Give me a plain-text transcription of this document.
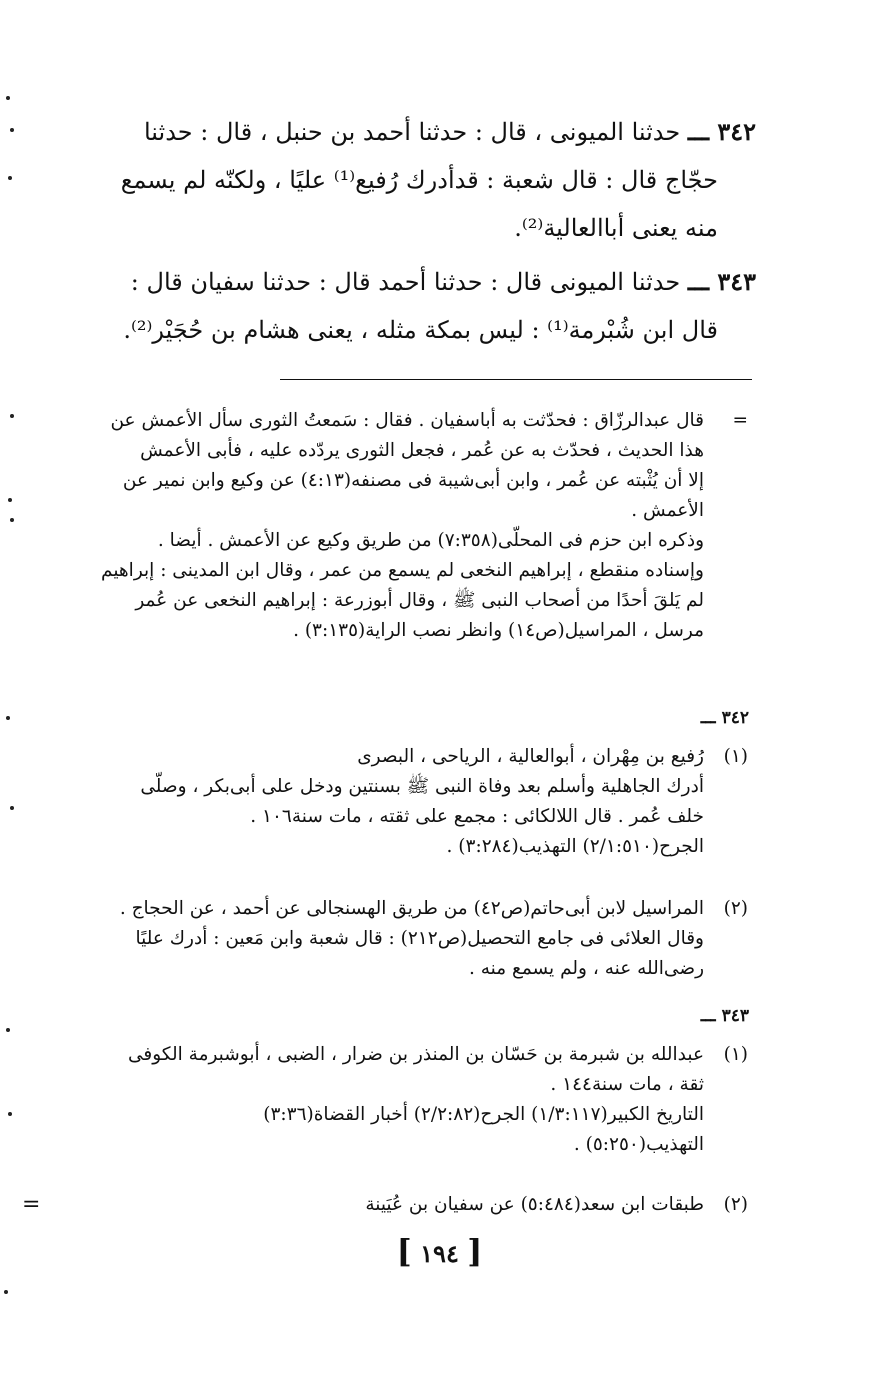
٣٤٢ ـــ حدثنا الميونى ، قال : حدثنا أحمد بن حنبل ، قال : حدثنا
حجّاج قال : قال شعبة : قدأدرك رُفيع⁽¹⁾ عليًا ، ولكنّه لم يسمع
منه يعنى أباالعالية⁽²⁾.
٣٤٣ ـــ حدثنا الميونى قال : حدثنا أحمد قال : حدثنا سفيان قال :
قال ابن شُبْرمة⁽¹⁾ : ليس بمكة مثله ، يعنى هشام بن حُجَيْر⁽²⁾.
=
قال عبدالرزّاق : فحدّثت به أباسفيان . فقال : سَمعتُ الثورى سأل الأعمش عن
هذا الحديث ، فحدّث به عن عُمر ، فجعل الثورى يردّده عليه ، فأبى الأعمش
إلا أن يُثْبته عن عُمر ، وابن أبى‌شيبة فى مصنفه(٤:١٣) عن وكيع وابن نمير عن
الأعمش .
وذكره ابن حزم فى المحلّى(٧:٣٥٨) من طريق وكيع عن الأعمش . أيضا .
وإسناده منقطع ، إبراهيم النخعى لم يسمع من عمر ، وقال ابن المدينى : إبراهيم
لم يَلقَ أحدًا من أصحاب النبى ﷺ ، وقال أبوزرعة : إبراهيم النخعى عن عُمر
مرسل ، المراسيل(ص١٤) وانظر نصب الراية(٣:١٣٥) .
٣٤٢ ـــ
(١)
رُفيع بن مِهْران ، أبوالعالية ، الرياحى ، البصرى
أدرك الجاهلية وأسلم بعد وفاة النبى ﷺ بسنتين ودخل على أبى‌بكر ، وصلّى
خلف عُمر . قال اللالكائى : مجمع على ثقته ، مات سنة١٠٦ .
الجرح(٢/١:٥١٠) التهذيب(٣:٢٨٤) .
(٢)
المراسيل لابن أبى‌حاتم(ص٤٢) من طريق الهسنجالى عن أحمد ، عن الحجاج .
وقال العلائى فى جامع التحصيل(ص٢١٢) : قال شعبة وابن مَعين : أدرك عليًا
رضى‌الله عنه ، ولم يسمع منه .
٣٤٣ ـــ
(١)
عبدالله بن شبرمة بن حَسّان بن المنذر بن ضرار ، الضبى ، أبوشبرمة الكوفى
ثقة ، مات سنة١٤٤ .
التاريخ الكبير(١/٣:١١٧) الجرح(٢/٢:٨٢) أخبار القضاة(٣:٣٦)
التهذيب(٥:٢٥٠) .
(٢)
طبقات ابن سعد(٥:٤٨٤) عن سفيان بن عُيَينة
[ ١٩٤ ]
=
